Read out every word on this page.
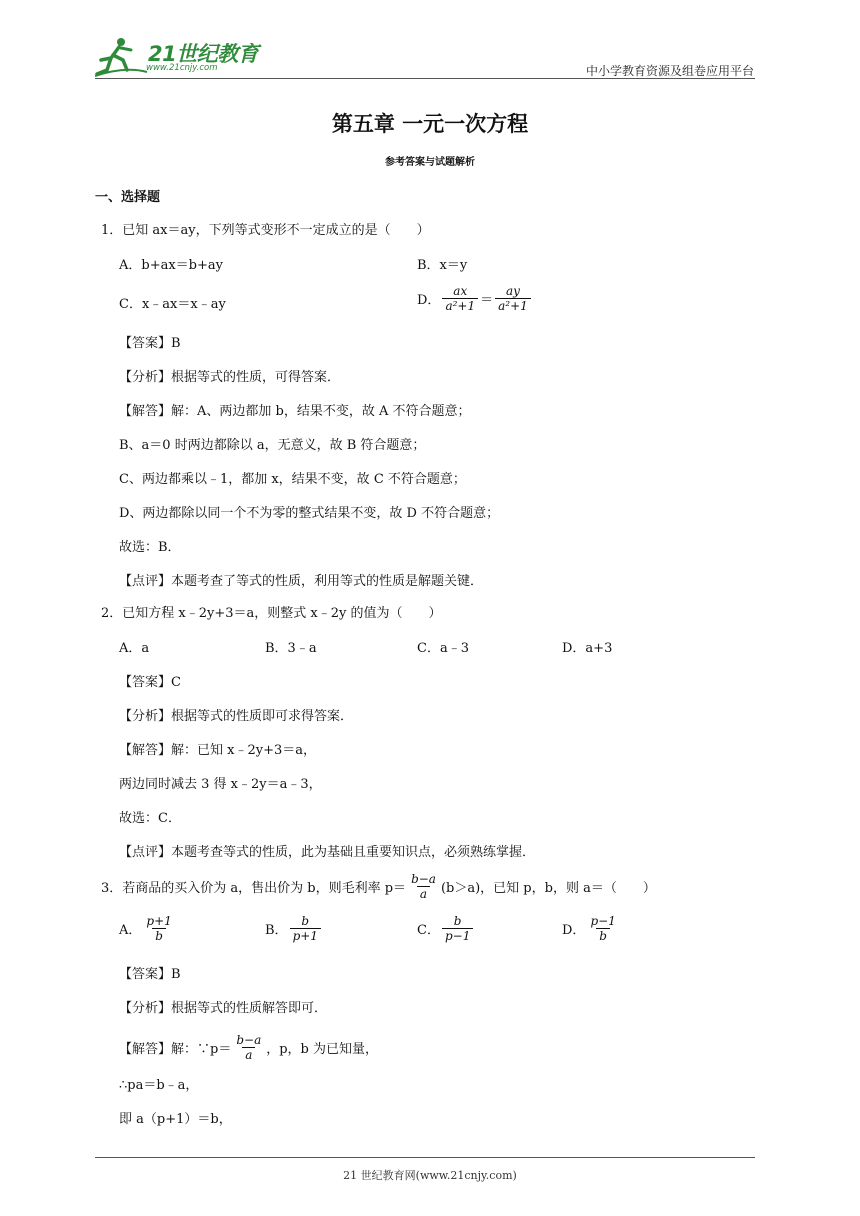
21世纪教育
www.21cnjy.com	中小学教育资源及组卷应用平台
第五章 一元一次方程
参考答案与试题解析
一、选择题
1．已知 ax＝ay，下列等式变形不一定成立的是（　　）
A．b+ax＝b+ay	B．x＝y
C．x﹣ax＝x﹣ay	D． $\frac{ax}{\text{a²+1}} = \frac{ay}{\text{a²+1}}$
【答案】B
【分析】根据等式的性质，可得答案．
【解答】解：A、两边都加 b，结果不变，故 A 不符合题意；
B、a＝0 时两边都除以 a，无意义，故 B 符合题意；
C、两边都乘以﹣1，都加 x，结果不变，故 C 不符合题意；
D、两边都除以同一个不为零的整式结果不变，故 D 不符合题意；
故选：B．
【点评】本题考查了等式的性质，利用等式的性质是解题关键．
2．已知方程 x﹣2y+3＝a，则整式 x﹣2y 的值为（　　）
A．a	B．3﹣a	C．a﹣3	D．a+3
【答案】C
【分析】根据等式的性质即可求得答案．
【解答】解：已知 x﹣2y+3＝a，
两边同时减去 3 得 x﹣2y＝a﹣3，
故选：C．
【点评】本题考查等式的性质，此为基础且重要知识点，必须熟练掌握．
3．若商品的买入价为 a，售出价为 b，则毛利率 $p= \frac{b-a}{a} (b>a)$，已知 p，b，则 a＝（　　）
A． $\frac{p+1}{b}$	B． $\frac{b}{p+1}$	C． $\frac{b}{p-1}$	D． $\frac{p-1}{b}$
【答案】B
【分析】根据等式的性质解答即可．
【解答】解：∵p＝ $\frac{b-a}{a}$ ，p，b 为已知量，
∴pa＝b﹣a，
即 a（p+1）＝b，
21 世纪教育网(www.21cnjy.com)
